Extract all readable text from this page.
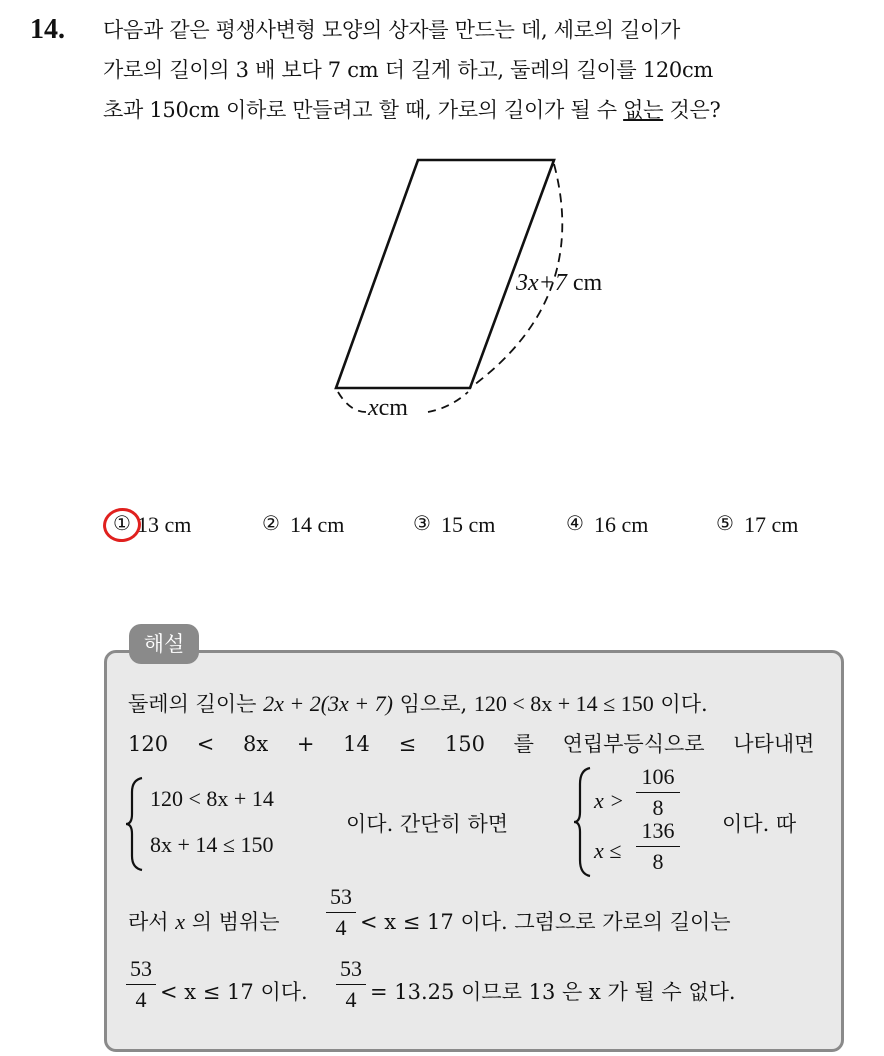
14. 다음과 같은 평생사변형 모양의 상자를 만드는 데, 세로의 길이가
가로의 길이의 3 배 보다 7 cm 더 길게 하고, 둘레의 길이를 120cm
초과 150cm 이하로 만들려고 할 때, 가로의 길이가 될 수 없는 것은?
3x+7 cm
xcm
① 13 cm	② 14 cm	③ 15 cm	④ 16 cm	⑤ 17 cm
해설
둘레의 길이는 2x + 2(3x + 7) 임으로, 120 < 8x + 14 ≤ 150 이다.
120 < 8x + 14 ≤ 150 를 연립부등식으로 나타내면
120 < 8x + 14
8x + 14 ≤ 150
이다. 간단히 하면
x >
106
8
x ≤
136
8
이다. 따
라서 x 의 범위는
53
4 < x ≤ 17 이다. 그럼으로 가로의 길이는
53
4 < x ≤ 17 이다.
53
4 = 13.25 이므로 13 은 x 가 될 수 없다.
